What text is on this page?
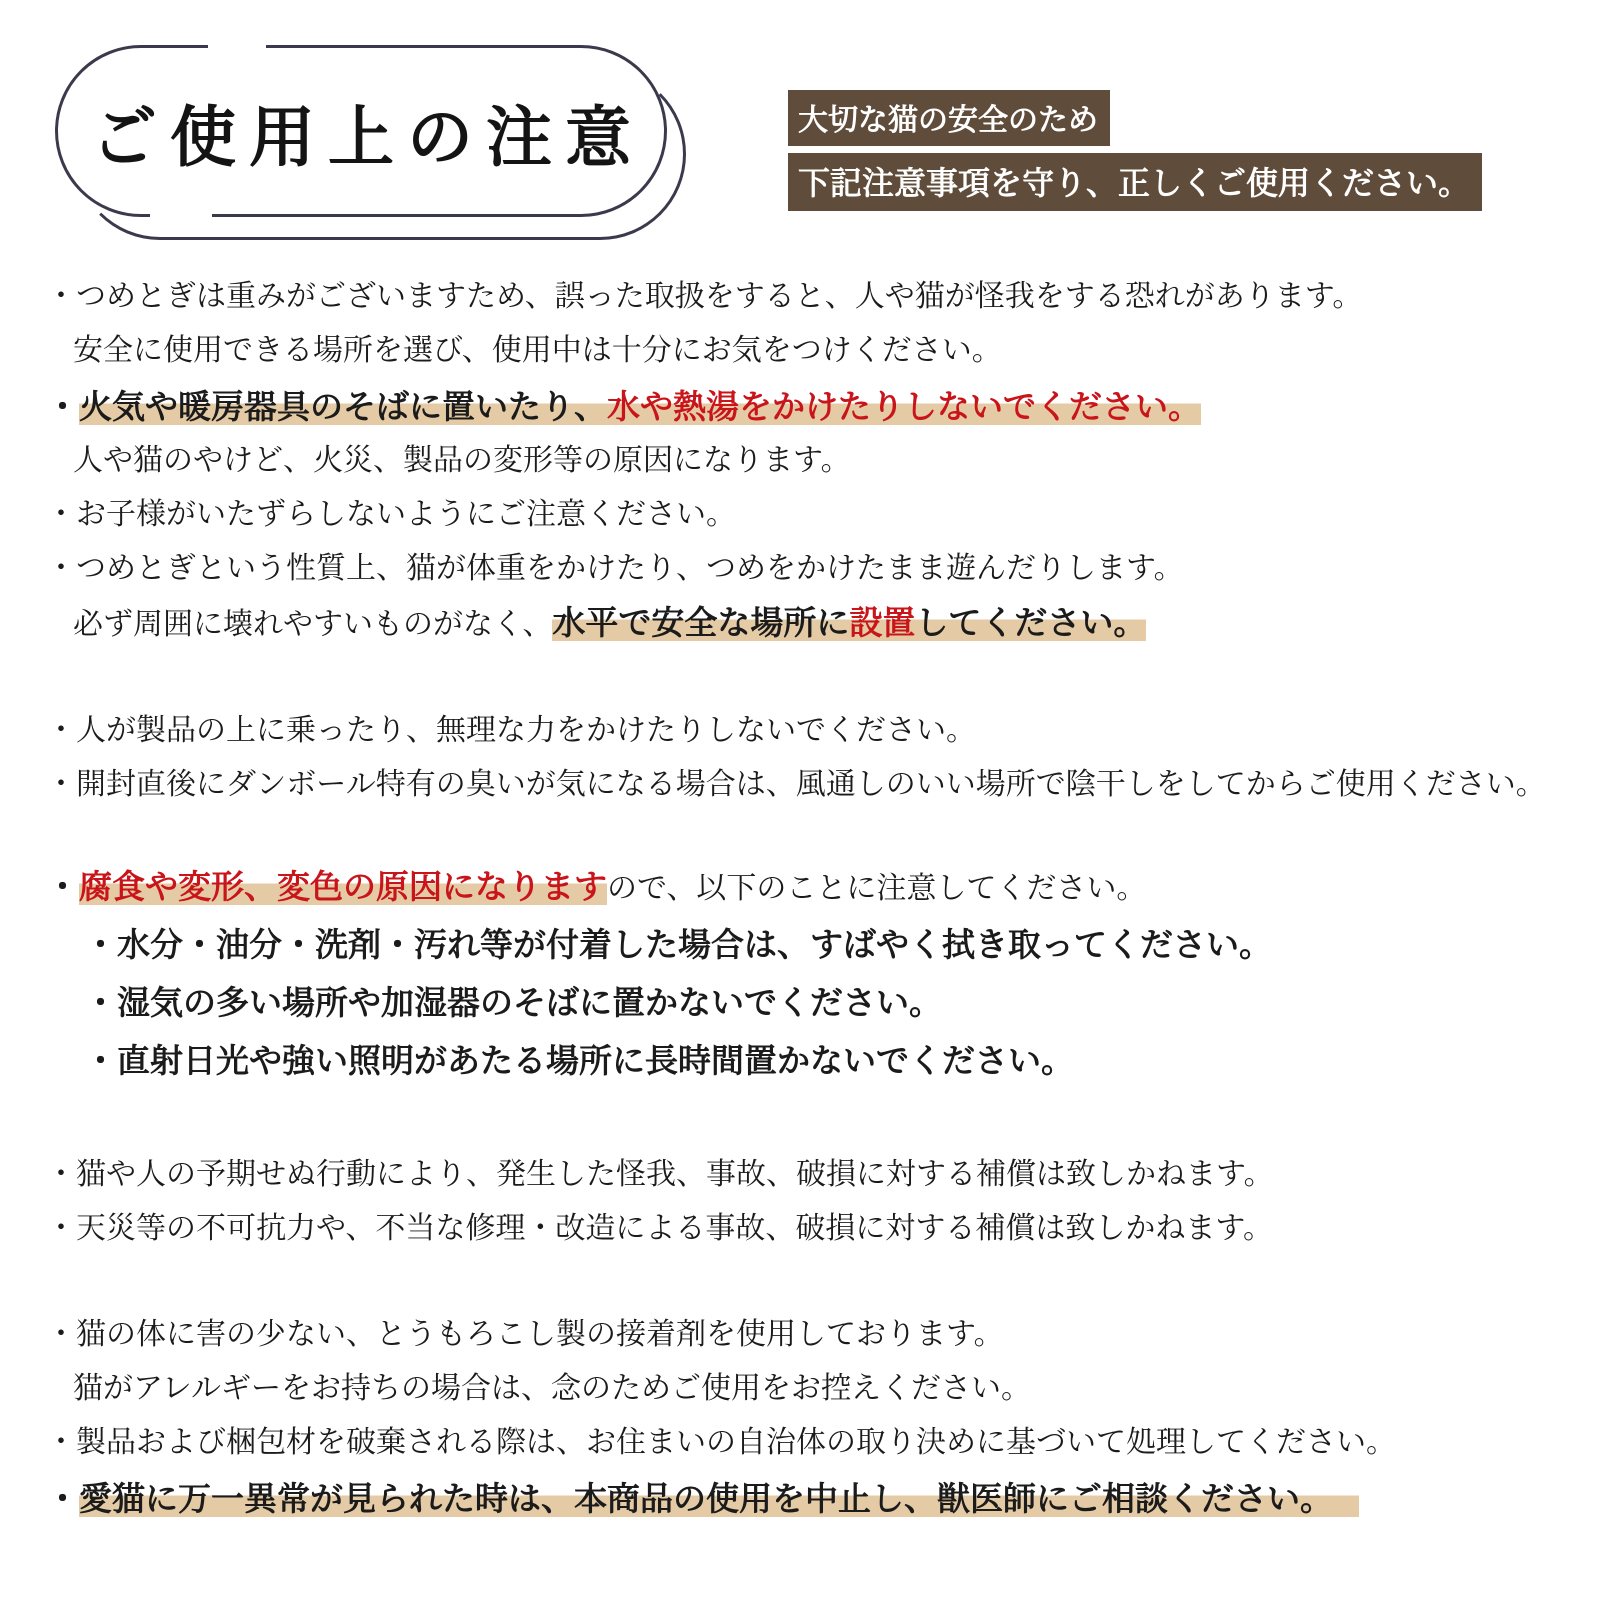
ご使用上の注意	大切な猫の安全のため
下記注意事項を守り、正しくご使用ください。

・つめとぎは重みがございますため、誤った取扱をすると、人や猫が怪我をする恐れがあります。

安全に使用できる場所を選び、使用中は十分にお気をつけください。

・火気や暖房器具のそばに置いたり、水や熱湯をかけたりしないでください。

人や猫のやけど、火災、製品の変形等の原因になります。

・お子様がいたずらしないようにご注意ください。

・つめとぎという性質上、猫が体重をかけたり、つめをかけたまま遊んだりします。

必ず周囲に壊れやすいものがなく、水平で安全な場所に設置してください。

・人が製品の上に乗ったり、無理な力をかけたりしないでください。

・開封直後にダンボール特有の臭いが気になる場合は、風通しのいい場所で陰干しをしてからご使用ください。

・腐食や変形、変色の原因になりますので、以下のことに注意してください。

・水分・油分・洗剤・汚れ等が付着した場合は、すばやく拭き取ってください。

・湿気の多い場所や加湿器のそばに置かないでください。

・直射日光や強い照明があたる場所に長時間置かないでください。

・猫や人の予期せぬ行動により、発生した怪我、事故、破損に対する補償は致しかねます。

・天災等の不可抗力や、不当な修理・改造による事故、破損に対する補償は致しかねます。

・猫の体に害の少ない、とうもろこし製の接着剤を使用しております。

猫がアレルギーをお持ちの場合は、念のためご使用をお控えください。

・製品および梱包材を破棄される際は、お住まいの自治体の取り決めに基づいて処理してください。

・愛猫に万一異常が見られた時は、本商品の使用を中止し、獣医師にご相談ください。
